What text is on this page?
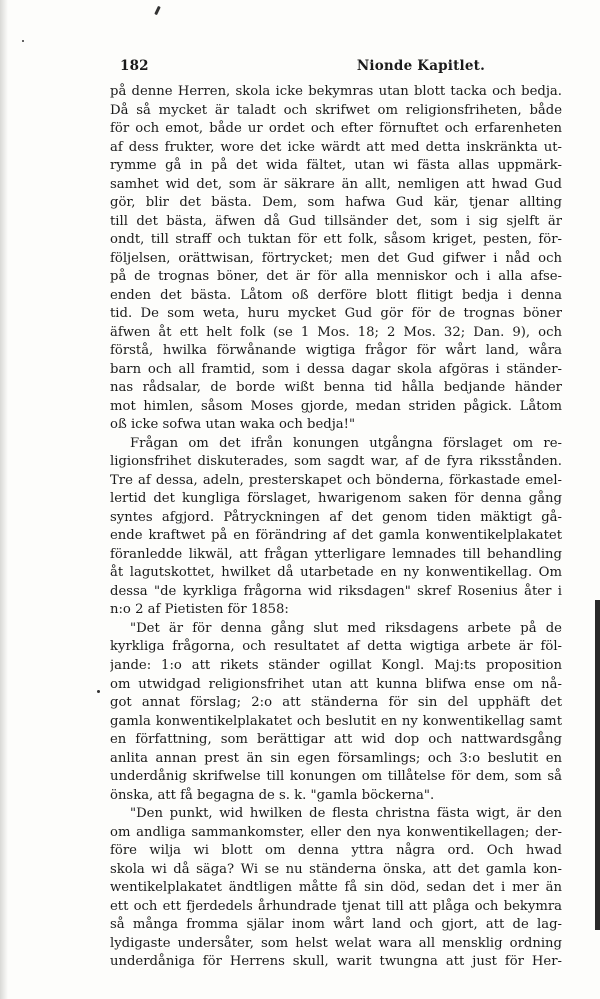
182	Nionde Kapitlet.
på denne Herren, skola icke bekymras utan blott tacka och bedja.
Då så mycket är taladt och skrifwet om religionsfriheten, både
för och emot, både ur ordet och efter förnuftet och erfarenheten
af dess frukter, wore det icke wärdt att med detta inskränkta ut-
rymme gå in på det wida fältet, utan wi fästa allas uppmärk-
samhet wid det, som är säkrare än allt, nemligen att hwad Gud
gör, blir det bästa. Dem, som hafwa Gud kär, tjenar allting
till det bästa, äfwen då Gud tillsänder det, som i sig sjelft är
ondt, till straff och tuktan för ett folk, såsom kriget, pesten, för-
följelsen, orättwisan, förtrycket; men det Gud gifwer i nåd och
på de trognas böner, det är för alla menniskor och i alla afse-
enden det bästa. Låtom oß derföre blott flitigt bedja i denna
tid. De som weta, huru mycket Gud gör för de trognas böner
äfwen åt ett helt folk (se 1 Mos. 18; 2 Mos. 32; Dan. 9), och
förstå, hwilka förwånande wigtiga frågor för wårt land, wåra
barn och all framtid, som i dessa dagar skola afgöras i ständer-
nas rådsalar, de borde wißt benna tid hålla bedjande händer
mot himlen, såsom Moses gjorde, medan striden pågick. Låtom
oß icke sofwa utan waka och bedja!"
Frågan om det ifrån konungen utgångna förslaget om re-
ligionsfrihet diskuterades, som sagdt war, af de fyra riksstånden.
Tre af dessa, adeln, presterskapet och bönderna, förkastade emel-
lertid det kungliga förslaget, hwarigenom saken för denna gång
syntes afgjord. Påtryckningen af det genom tiden mäktigt gå-
ende kraftwet på en förändring af det gamla konwentikelplakatet
föranledde likwäl, att frågan ytterligare lemnades till behandling
åt lagutskottet, hwilket då utarbetade en ny konwentikellag. Om
dessa "de kyrkliga frågorna wid riksdagen" skref Rosenius åter i
n:o 2 af Pietisten för 1858:
"Det är för denna gång slut med riksdagens arbete på de
kyrkliga frågorna, och resultatet af detta wigtiga arbete är föl-
jande: 1:o att rikets ständer ogillat Kongl. Maj:ts proposition
om utwidgad religionsfrihet utan att kunna blifwa ense om nå-
got annat förslag; 2:o att ständerna för sin del upphäft det
gamla konwentikelplakatet och beslutit en ny konwentikellag samt
en författning, som berättigar att wid dop och nattwardsgång
anlita annan prest än sin egen församlings; och 3:o beslutit en
underdånig skrifwelse till konungen om tillåtelse för dem, som så
önska, att få begagna de s. k. "gamla böckerna".
"Den punkt, wid hwilken de flesta christna fästa wigt, är den
om andliga sammankomster, eller den nya konwentikellagen; der-
före wilja wi blott om denna yttra några ord. Och hwad
skola wi då säga? Wi se nu ständerna önska, att det gamla kon-
wentikelplakatet ändtligen måtte få sin död, sedan det i mer än
ett och ett fjerdedels århundrade tjenat till att plåga och bekymra
så många fromma själar inom wårt land och gjort, att de lag-
lydigaste undersåter, som helst welat wara all mensklig ordning
underdåniga för Herrens skull, warit twungna att just för Her-
